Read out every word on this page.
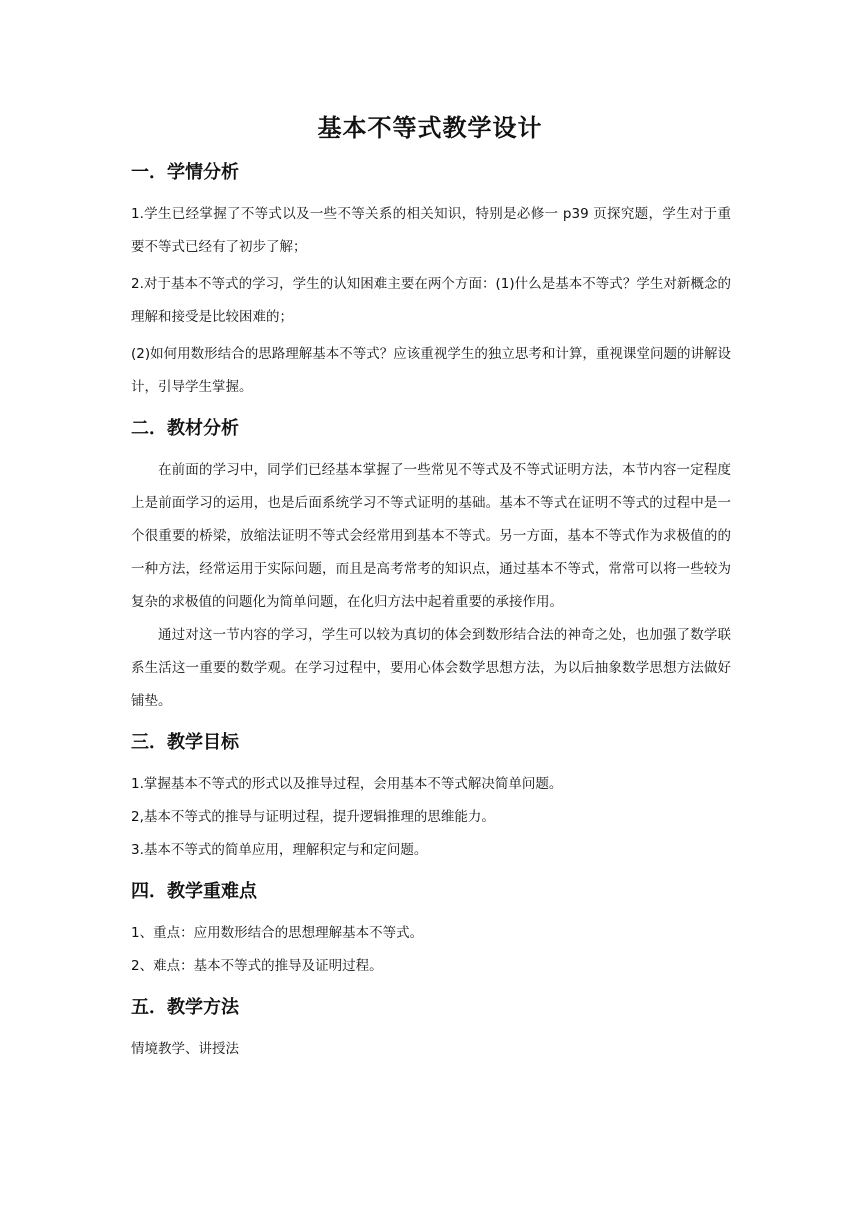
基本不等式教学设计
一．学情分析

1.学生已经掌握了不等式以及一些不等关系的相关知识，特别是必修一 p39 页探究题，学生对于重要不等式已经有了初步了解；

2.对于基本不等式的学习，学生的认知困难主要在两个方面：(1)什么是基本不等式？学生对新概念的理解和接受是比较困难的；

(2)如何用数形结合的思路理解基本不等式？应该重视学生的独立思考和计算，重视课堂问题的讲解设计，引导学生掌握。

二．教材分析

在前面的学习中，同学们已经基本掌握了一些常见不等式及不等式证明方法，本节内容一定程度上是前面学习的运用，也是后面系统学习不等式证明的基础。基本不等式在证明不等式的过程中是一个很重要的桥梁，放缩法证明不等式会经常用到基本不等式。另一方面，基本不等式作为求极值的的一种方法，经常运用于实际问题，而且是高考常考的知识点，通过基本不等式，常常可以将一些较为复杂的求极值的问题化为简单问题，在化归方法中起着重要的承接作用。

通过对这一节内容的学习，学生可以较为真切的体会到数形结合法的神奇之处，也加强了数学联系生活这一重要的数学观。在学习过程中，要用心体会数学思想方法，为以后抽象数学思想方法做好铺垫。

三．教学目标

1.掌握基本不等式的形式以及推导过程，会用基本不等式解决简单问题。

2,基本不等式的推导与证明过程，提升逻辑推理的思维能力。

3.基本不等式的简单应用，理解积定与和定问题。

四．教学重难点

1、重点：应用数形结合的思想理解基本不等式。

2、难点：基本不等式的推导及证明过程。

五．教学方法

情境教学、讲授法
